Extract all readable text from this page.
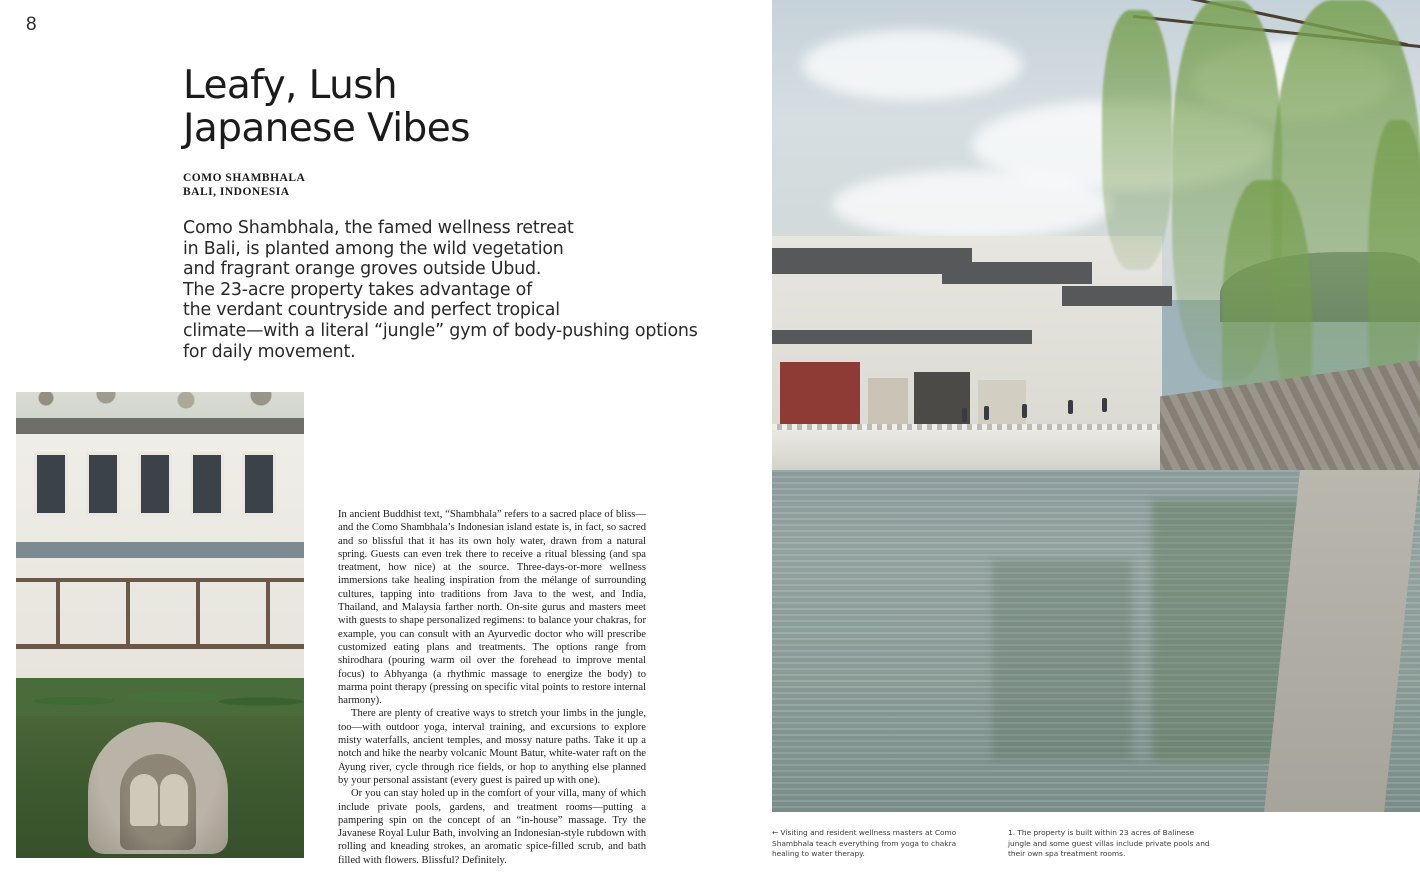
8
Leafy, Lush
Japanese Vibes
COMO SHAMBHALA
BALI, INDONESIA
Como Shambhala, the famed wellness retreat
in Bali, is planted among the wild vegetation
and fragrant orange groves outside Ubud.
The 23-acre property takes advantage of
the verdant countryside and perfect tropical
climate—with a literal “jungle” gym of body-pushing options
for daily movement.

In ancient Buddhist text, “Shambhala” refers to a sacred place of bliss—and the Como Shambhala’s Indonesian island estate is, in fact, so sacred and so blissful that it has its own holy water, drawn from a natural spring. Guests can even trek there to receive a ritual blessing (and spa treatment, how nice) at the source. Three-days-or-more wellness immersions take healing inspiration from the mélange of surrounding cultures, tapping into traditions from Java to the west, and India, Thailand, and Malaysia farther north. On-site gurus and masters meet with guests to shape personalized regimens: to balance your chakras, for example, you can consult with an Ayurvedic doctor who will prescribe customized eating plans and treatments. The options range from shirodhara (pouring warm oil over the forehead to improve mental focus) to Abhyanga (a rhythmic massage to energize the body) to marma point therapy (pressing on specific vital points to restore internal harmony).

There are plenty of creative ways to stretch your limbs in the jungle, too—with outdoor yoga, interval training, and excursions to explore misty waterfalls, ancient temples, and mossy nature paths. Take it up a notch and hike the nearby volcanic Mount Batur, white-water raft on the Ayung river, cycle through rice fields, or hop to anything else planned by your personal assistant (every guest is paired up with one).

Or you can stay holed up in the comfort of your villa, many of which include private pools, gardens, and treatment rooms—putting a pampering spin on the concept of an “in-house” massage. Try the Javanese Royal Lulur Bath, involving an Indonesian-style rubdown with rolling and kneading strokes, an aromatic spice-filled scrub, and bath filled with flowers. Blissful? Definitely.

← Visiting and resident wellness masters at Como Shambhala teach everything from yoga to chakra healing to water therapy.
1. The property is built within 23 acres of Balinese jungle and some guest villas include private pools and their own spa treatment rooms.
